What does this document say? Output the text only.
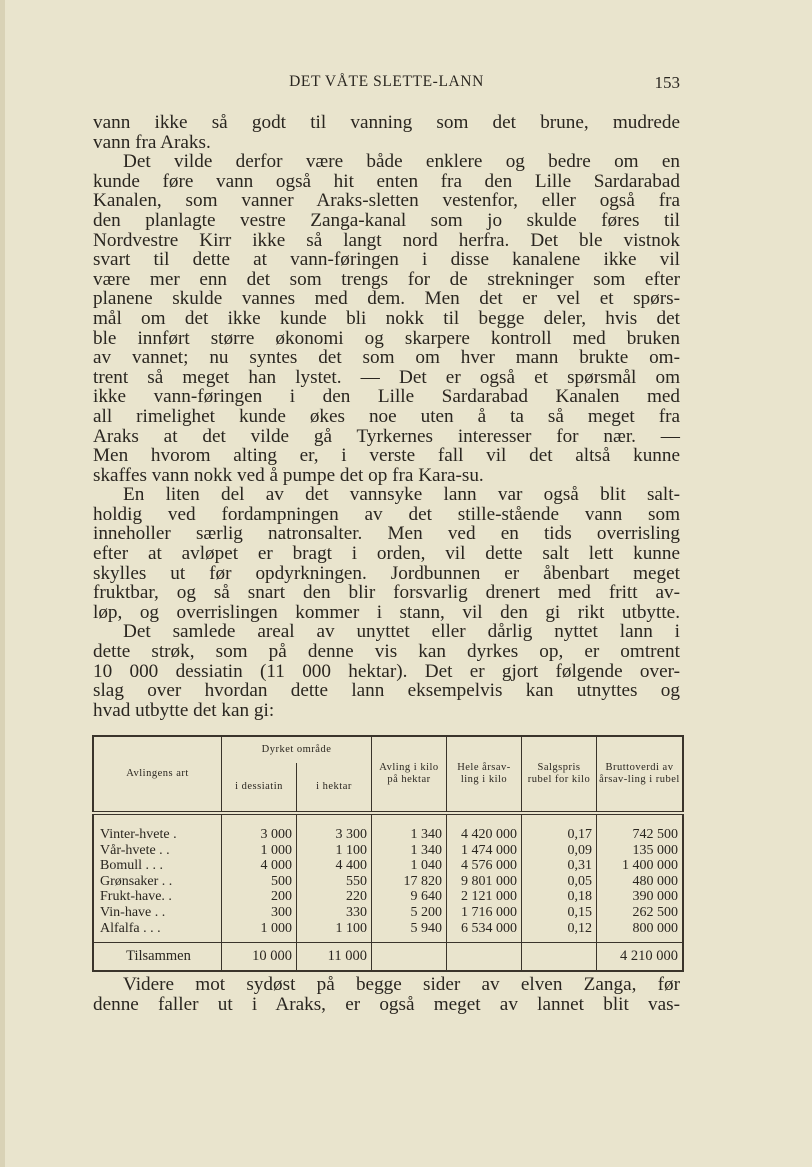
DET VÅTE SLETTE-LANN	153
vann ikke så godt til vanning som det brune, mudrede
vann fra Araks.
Det vilde derfor være både enklere og bedre om en
kunde føre vann også hit enten fra den Lille Sardarabad
Kanalen, som vanner Araks-sletten vestenfor, eller også fra
den planlagte vestre Zanga-kanal som jo skulde føres til
Nordvestre Kirr ikke så langt nord herfra. Det ble vistnok
svart til dette at vann-føringen i disse kanalene ikke vil
være mer enn det som trengs for de strekninger som efter
planene skulde vannes med dem. Men det er vel et spørs-
mål om det ikke kunde bli nokk til begge deler, hvis det
ble innført større økonomi og skarpere kontroll med bruken
av vannet; nu syntes det som om hver mann brukte om-
trent så meget han lystet. — Det er også et spørsmål om
ikke vann-føringen i den Lille Sardarabad Kanalen med
all rimelighet kunde økes noe uten å ta så meget fra
Araks at det vilde gå Tyrkernes interesser for nær. —
Men hvorom alting er, i verste fall vil det altså kunne
skaffes vann nokk ved å pumpe det op fra Kara-su.
En liten del av det vannsyke lann var også blit salt-
holdig ved fordampningen av det stille-stående vann som
inneholler særlig natronsalter. Men ved en tids overrisling
efter at avløpet er bragt i orden, vil dette salt lett kunne
skylles ut før opdyrkningen. Jordbunnen er åbenbart meget
fruktbar, og så snart den blir forsvarlig drenert med fritt av-
løp, og overrislingen kommer i stann, vil den gi rikt utbytte.
Det samlede areal av unyttet eller dårlig nyttet lann i
dette strøk, som på denne vis kan dyrkes op, er omtrent
10 000 dessiatin (11 000 hektar). Det er gjort følgende over-
slag over hvordan dette lann eksempelvis kan utnyttes og
hvad utbytte det kan gi:
Avlingens art	Dyrket område		Avling i kilo på hektar	Hele årsav-ling i kilo	Salgspris rubel for kilo	Bruttoverdi av årsav-ling i rubel
	i dessiatin	i hektar				

Vinter-hvete .	3 000	3 300	1 340	4 420 000	0,17	742 500
Vår-hvete . .	1 000	1 100	1 340	1 474 000	0,09	135 000
Bomull . . .	4 000	4 400	1 040	4 576 000	0,31	1 400 000
Grønsaker . .	500	550	17 820	9 801 000	0,05	480 000
Frukt-have. .	200	220	9 640	2 121 000	0,18	390 000
Vin-have . .	300	330	5 200	1 716 000	0,15	262 500
Alfalfa . . .	1 000	1 100	5 940	6 534 000	0,12	800 000

Tilsammen	10 000	11 000				4 210 000
Videre mot sydøst på begge sider av elven Zanga, før
denne faller ut i Araks, er også meget av lannet blit vas-
